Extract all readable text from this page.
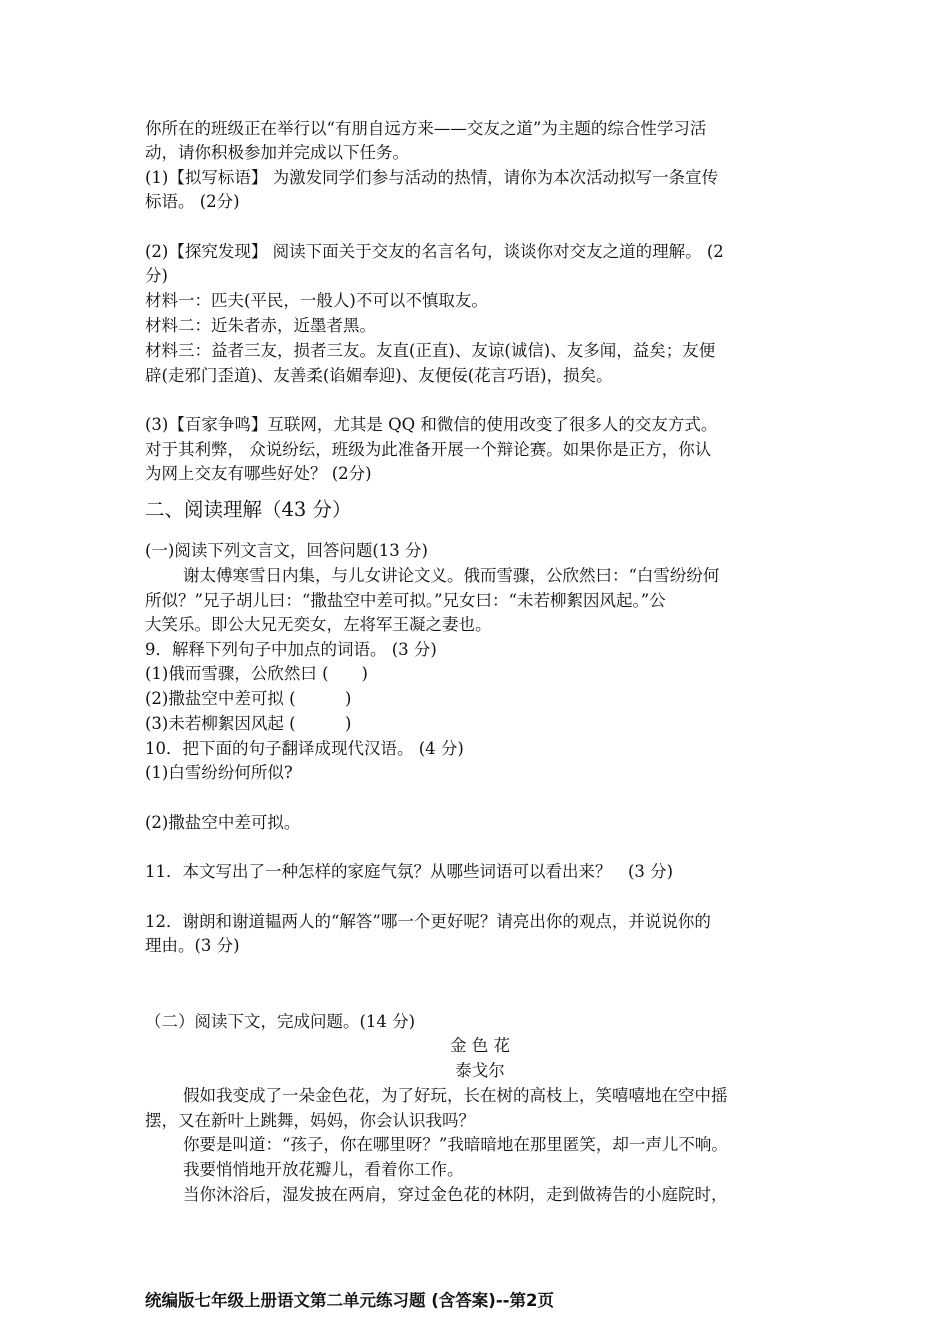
你所在的班级正在举行以“有朋自远方来——交友之道”为主题的综合性学习活
动，请你积极参加并完成以下任务。
(1)【拟写标语】 为激发同学们参与活动的热情，请你为本次活动拟写一条宣传
标语。 (2分)
(2)【探究发现】 阅读下面关于交友的名言名句，谈谈你对交友之道的理解。 (2
分)
材料一：匹夫(平民，一般人)不可以不慎取友。
材料二：近朱者赤，近墨者黑。
材料三：益者三友，损者三友。友直(正直)、友谅(诚信)、友多闻，益矣；友便
辟(走邪门歪道)、友善柔(谄媚奉迎)、友便佞(花言巧语)，损矣。
(3)【百家争鸣】互联网，尤其是 QQ 和微信的使用改变了很多人的交友方式。
对于其利弊， 众说纷纭，班级为此准备开展一个辩论赛。如果你是正方，你认
为网上交友有哪些好处？ (2分)
二、阅读理解（43 分）
(一)阅读下列文言文，回答问题(13 分)
谢太傅寒雪日内集，与儿女讲论文义。俄而雪骤，公欣然曰：“白雪纷纷何
所似？”兄子胡儿曰：“撒盐空中差可拟。”兄女曰：“未若柳絮因风起。”公
大笑乐。即公大兄无奕女，左将军王凝之妻也。
9．解释下列句子中加点的词语。 (3 分)
(1)俄而雪骤，公欣然曰 (　　)
(2)撒盐空中差可拟 (　　　)
(3)未若柳絮因风起 (　　　)
10．把下面的句子翻译成现代汉语。 (4 分)
(1)白雪纷纷何所似?
(2)撒盐空中差可拟。
11．本文写出了一种怎样的家庭气氛？从哪些词语可以看出来？　(3 分)
12．谢朗和谢道韫两人的“解答”哪一个更好呢？请亮出你的观点，并说说你的
理由。(3 分)
（二）阅读下文，完成问题。(14 分)
金 色 花
泰戈尔
假如我变成了一朵金色花，为了好玩，长在树的高枝上，笑嘻嘻地在空中摇
摆，又在新叶上跳舞，妈妈，你会认识我吗？
你要是叫道：“孩子，你在哪里呀？”我暗暗地在那里匿笑，却一声儿不响。
我要悄悄地开放花瓣儿，看着你工作。
当你沐浴后，湿发披在两肩，穿过金色花的林阴，走到做祷告的小庭院时，
统编版七年级上册语文第二单元练习题 (含答案)--第2页
